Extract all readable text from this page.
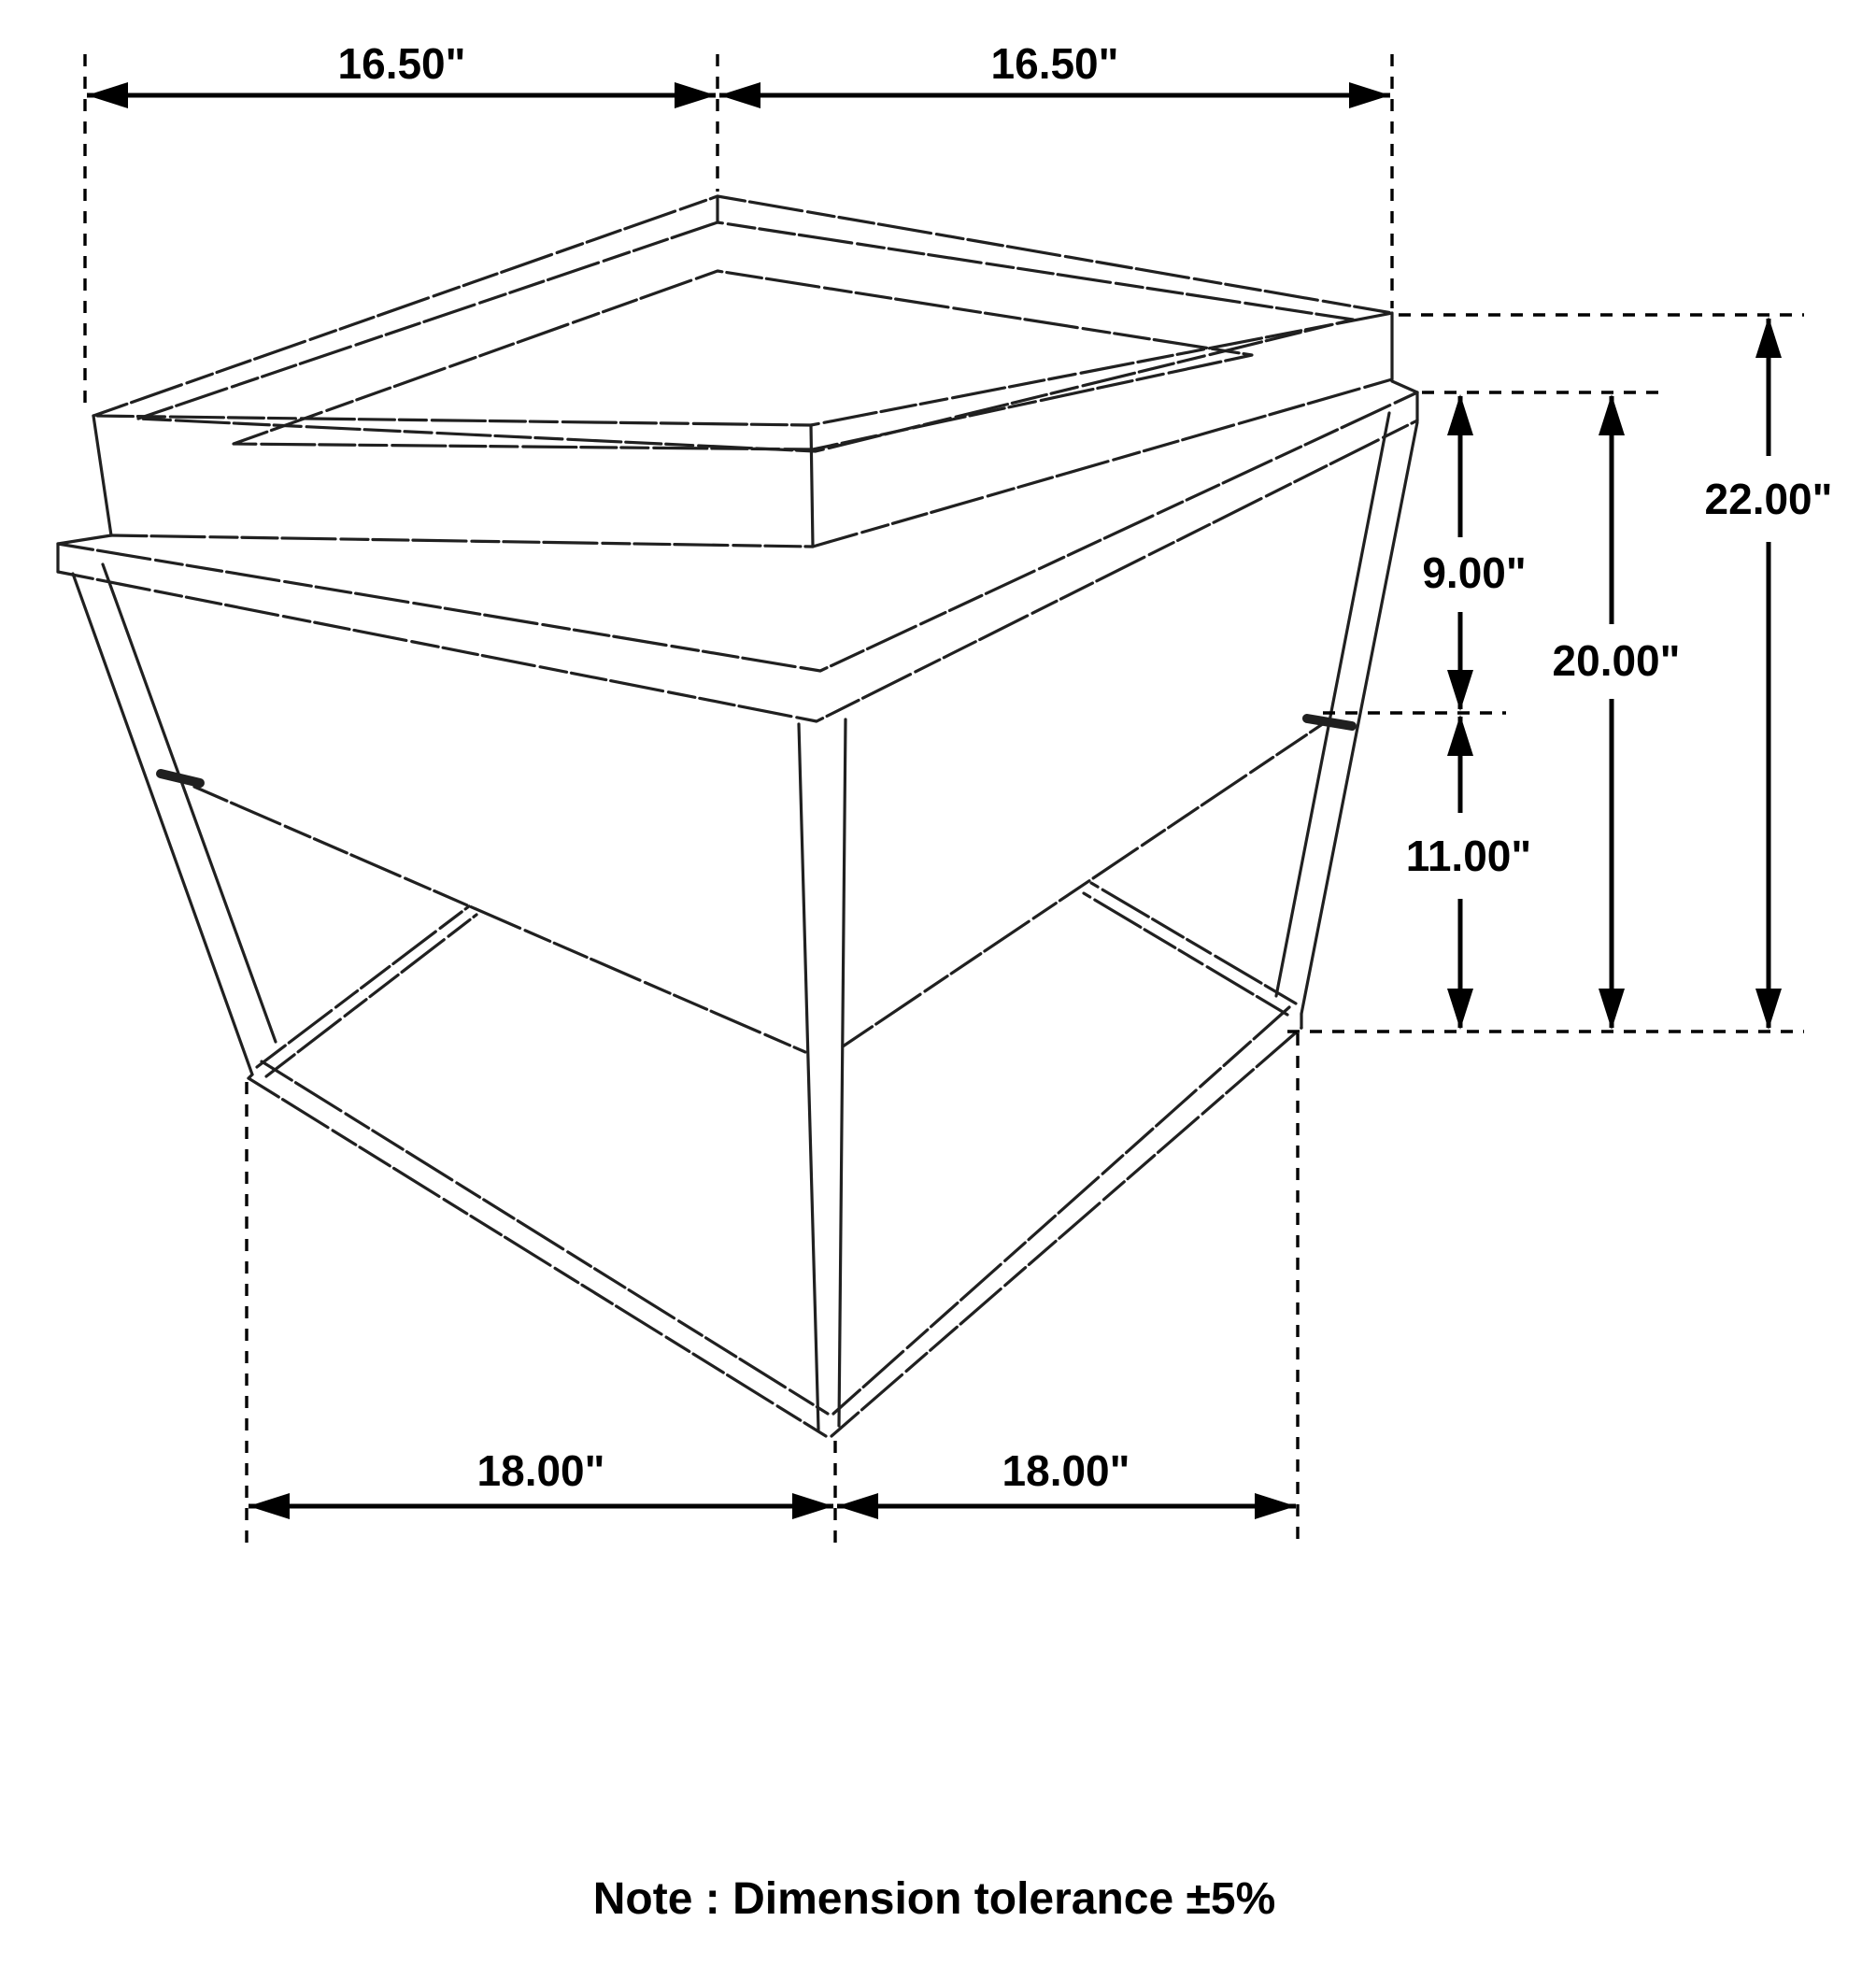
16.50"	16.50"
9.00"
11.00"
20.00"
22.00"
18.00"	18.00"
Note : Dimension tolerance ±5%
